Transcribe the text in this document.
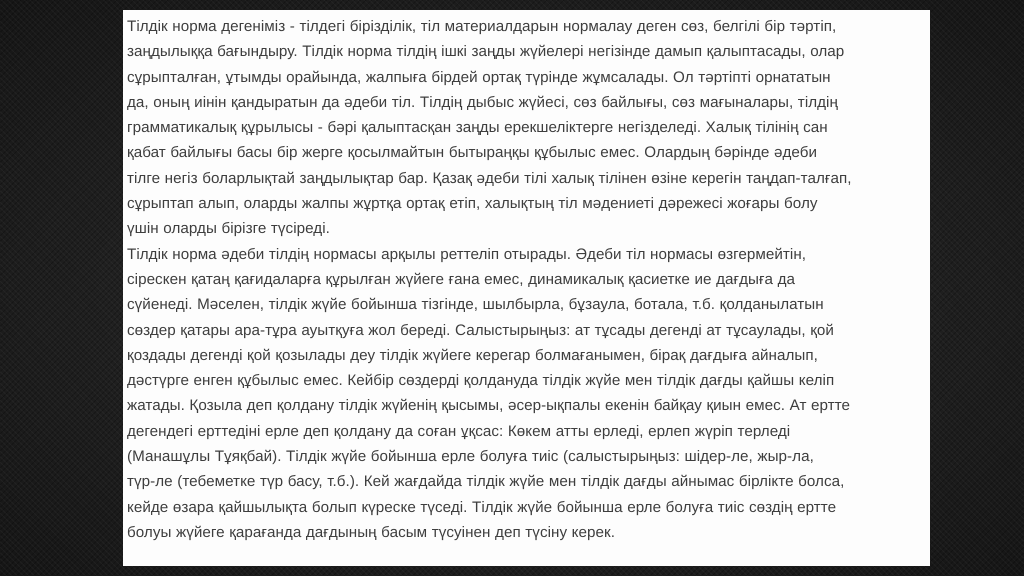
Тілдік норма дегеніміз - тілдегі бірізділік, тіл материалдарын нормалау деген сөз, белгілі бір тәртіп,
заңдылыққа бағындыру. Тілдік норма тілдің ішкі заңды жүйелері негізінде дамып қалыптасады, олар
сұрыпталған, ұтымды орайында, жалпыға бірдей ортақ түрінде жұмсалады. Ол тәртіпті орнататын
да, оның иінін қандыратын да әдеби тіл. Тілдің дыбыс жүйесі, сөз байлығы, сөз мағыналары, тілдің
грамматикалық құрылысы - бәрі қалыптасқан заңды ерекшеліктерге негізделеді. Халық тілінің сан
қабат байлығы басы бір жерге қосылмайтын бытыраңқы құбылыс емес. Олардың бәрінде әдеби
тілге негіз боларлықтай заңдылықтар бар. Қазақ әдеби тілі халық тілінен өзіне керегін таңдап-талғап,
сұрыптап алып, оларды жалпы жұртқа ортақ етіп, халықтың тіл мәдениеті дәрежесі жоғары болу
үшін оларды бірізге түсіреді.

Тілдік норма әдеби тілдің нормасы арқылы реттеліп отырады. Әдеби тіл нормасы өзгермейтін,
сірескен қатаң қағидаларға құрылған жүйеге ғана емес, динамикалық қасиетке ие дағдыға да
сүйенеді. Мәселен, тілдік жүйе бойынша тізгінде, шылбырла, бұзаула, ботала, т.б. қолданылатын
сөздер қатары ара-тұра ауытқуға жол береді. Салыстырыңыз: ат тұсады дегенді ат тұсаулады, қой
қоздады дегенді қой қозылады деу тілдік жүйеге керегар болмағанымен, бірақ дағдыға айналып,
дәстүрге енген құбылыс емес. Кейбір сөздерді қолдануда тілдік жүйе мен тілдік дағды қайшы келіп
жатады. Қозыла деп қолдану тілдік жүйенің қысымы, әсер-ықпалы екенін байқау қиын емес. Ат ертте
дегендегі ерттедіні ерле деп қолдану да соған ұқсас: Көкем атты ерледі, ерлеп жүріп терледі
(Манашұлы Тұяқбай). Тілдік жүйе бойынша ерле болуға тиіс (салыстырыңыз: шідер-ле, жыр-ла,
түр-ле (тебеметке түр басу, т.б.). Кей жағдайда тілдік жүйе мен тілдік дағды айнымас бірлікте болса,
кейде өзара қайшылықта болып күреске түседі. Тілдік жүйе бойынша ерле болуға тиіс сөздің ертте
болуы жүйеге қарағанда дағдының басым түсуінен деп түсіну керек.
